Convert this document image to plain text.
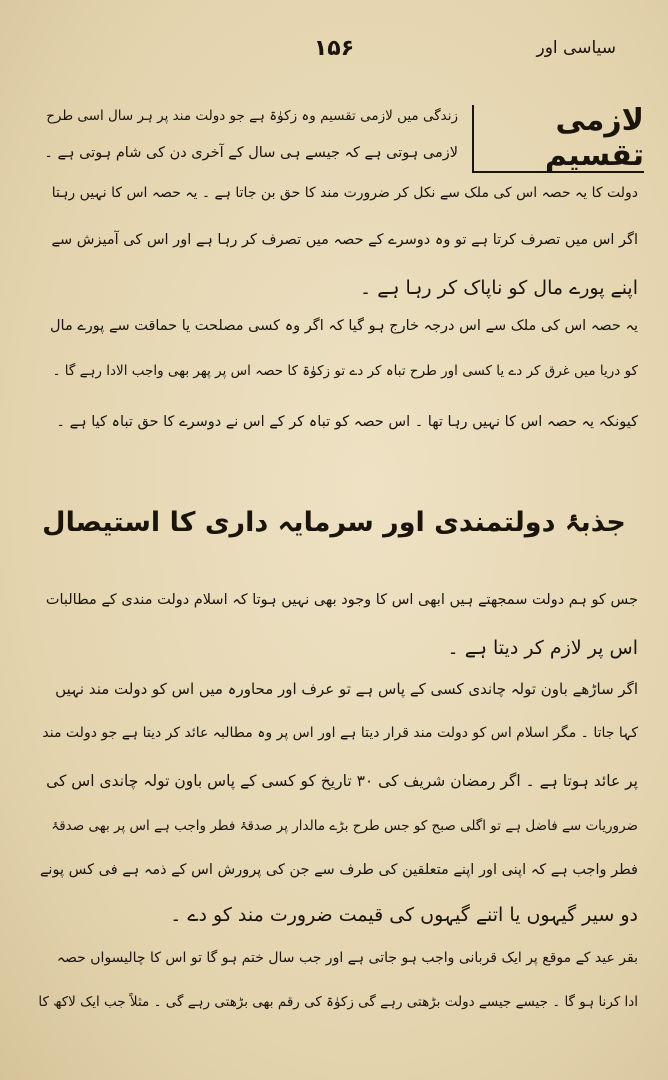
۱۵۶	سیاسی اور
لازمی تقسیم
زندگی میں لازمی تقسیم وہ زکوٰۃ ہے جو دولت مند پر ہر سال اسی طرح
لازمی ہوتی ہے کہ جیسے ہی سال کے آخری دن کی شام ہوتی ہے ۔
دولت کا یہ حصہ اس کی ملک سے نکل کر ضرورت مند کا حق بن جاتا ہے ۔ یہ حصہ اس کا نہیں رہتا
اگر اس میں تصرف کرتا ہے تو وہ دوسرے کے حصہ میں تصرف کر رہا ہے اور اس کی آمیزش سے
اپنے پورے مال کو ناپاک کر رہا ہے ۔
یہ حصہ اس کی ملک سے اس درجہ خارج ہو گیا کہ اگر وہ کسی مصلحت یا حماقت سے پورے مال
کو دریا میں غرق کر دے یا کسی اور طرح تباہ کر دے تو زکوٰۃ کا حصہ اس پر پھر بھی واجب الادا رہے گا ۔
کیونکہ یہ حصہ اس کا نہیں رہا تھا ۔ اس حصہ کو تباہ کر کے اس نے دوسرے کا حق تباہ کیا ہے ۔
جذبۂ دولتمندی اور سرمایہ داری کا استیصال
جس کو ہم دولت سمجھتے ہیں ابھی اس کا وجود بھی نہیں ہوتا کہ اسلام دولت مندی کے مطالبات
اس پر لازم کر دیتا ہے ۔
اگر ساڑھے باون تولہ چاندی کسی کے پاس ہے تو عرف اور محاورہ میں اس کو دولت مند نہیں
کہا جاتا ۔ مگر اسلام اس کو دولت مند قرار دیتا ہے اور اس پر وہ مطالبہ عائد کر دیتا ہے جو دولت مند
پر عائد ہوتا ہے ۔ اگر رمضان شریف کی ۳۰ تاریخ کو کسی کے پاس باون تولہ چاندی اس کی
ضروریات سے فاضل ہے تو اگلی صبح کو جس طرح بڑے مالدار پر صدقۂ فطر واجب ہے اس پر بھی صدقۂ
فطر واجب ہے کہ اپنی اور اپنے متعلقین کی طرف سے جن کی پرورش اس کے ذمہ ہے فی کس پونے
دو سیر گیہوں یا اتنے گیہوں کی قیمت ضرورت مند کو دے ۔
بقر عید کے موقع پر ایک قربانی واجب ہو جاتی ہے اور جب سال ختم ہو گا تو اس کا چالیسواں حصہ
ادا کرنا ہو گا ۔ جیسے جیسے دولت بڑھتی رہے گی زکوٰۃ کی رقم بھی بڑھتی رہے گی ۔ مثلاً جب ایک لاکھ کا
